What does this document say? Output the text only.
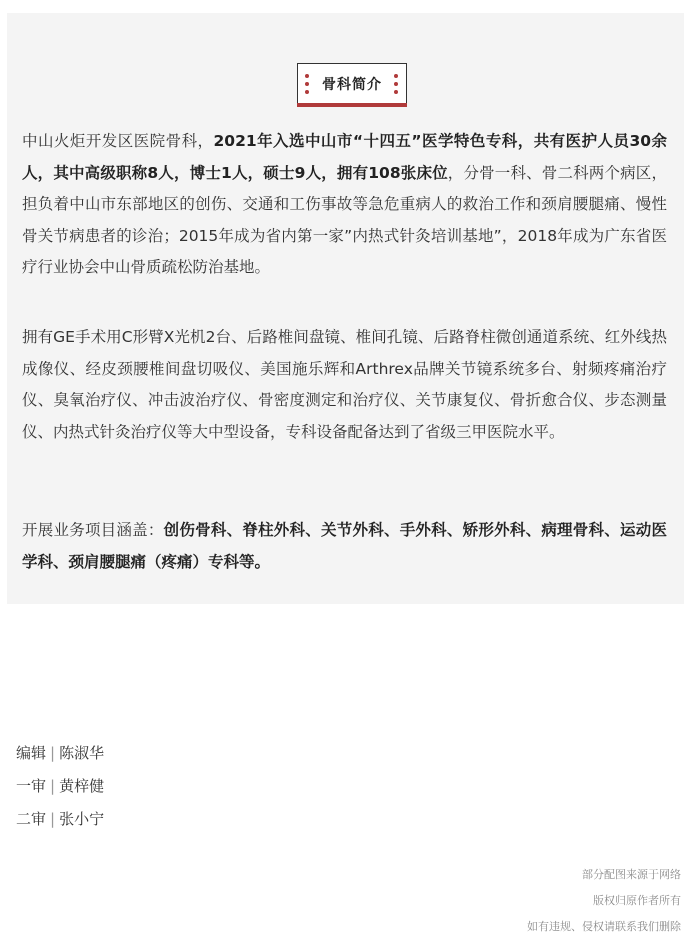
骨科简介

中山火炬开发区医院骨科，2021年入选中山市“十四五”医学特色专科，共有医护人员30余人，其中高级职称8人，博士1人，硕士9人，拥有108张床位，分骨一科、骨二科两个病区，担负着中山市东部地区的创伤、交通和工伤事故等急危重病人的救治工作和颈肩腰腿痛、慢性骨关节病患者的诊治；2015年成为省内第一家”内热式针灸培训基地”，2018年成为广东省医疗行业协会中山骨质疏松防治基地。

拥有GE手术用C形臂X光机2台、后路椎间盘镜、椎间孔镜、后路脊柱微创通道系统、红外线热成像仪、经皮颈腰椎间盘切吸仪、美国施乐辉和Arthrex品牌关节镜系统多台、射频疼痛治疗仪、臭氧治疗仪、冲击波治疗仪、骨密度测定和治疗仪、关节康复仪、骨折愈合仪、步态测量仪、内热式针灸治疗仪等大中型设备，专科设备配备达到了省级三甲医院水平。

开展业务项目涵盖：创伤骨科、脊柱外科、关节外科、手外科、矫形外科、病理骨科、运动医学科、颈肩腰腿痛（疼痛）专科等。

编辑 | 陈淑华
一审 | 黄梓健
二审 | 张小宁
部分配图来源于网络
版权归原作者所有
如有违规、侵权请联系我们删除
